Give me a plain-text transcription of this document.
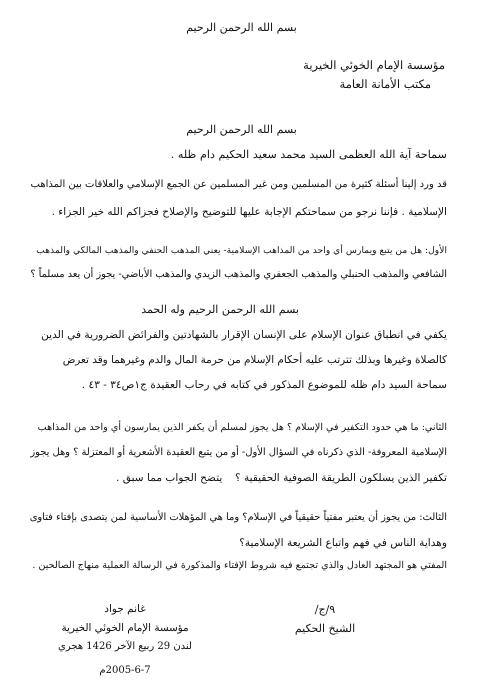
بسم الله الرحمن الرحيم
مؤسسة الإمام الخوئي الخيرية
مكتب الأمانة العامة
بسم الله الرحمن الرحيم
سماحة آية الله العظمى السيد محمد سعيد الحكيم دام ظله .
قد ورد إلينا أسئلة كثيرة من المسلمين ومن غير المسلمين عن الجمع الإسلامي والعلاقات بين المذاهب
الإسلامية . فإننا نرجو من سماحتكم الإجابة عليها للتوضيح والإصلاح فجزاكم الله خير الجزاء .
الأول: هل من يتبع ويمارس أي واحد من المذاهب الإسلامية- يعني المذهب الحنفي والمذهب المالكي والمذهب
الشافعي والمذهب الحنبلي والمذهب الجعفري والمذهب الزيدي والمذهب الأباضي- يجوز أن يعد مسلماً ؟
بسم الله الرحمن الرحيم وله الحمد
يكفي في انطباق عنوان الإسلام على الإنسان الإقرار بالشهادتين والفرائض الضرورية في الدين
كالصلاة وغيرها وبذلك تترتب عليه أحكام الإسلام من حرمة المال والدم وغيرهما وقد تعرض
سماحة السيد دام ظله للموضوع المذكور في كتابه في رحاب العقيدة ج١ص٣٤ - ٤٣ .
الثاني: ما هي حدود التكفير في الإسلام ؟ هل يجوز لمسلم أن يكفر الذين يمارسون أي واحد من المذاهب
الإسلامية المعروفة- الذي ذكرناه في السؤال الأول- أو من يتبع العقيدة الأشعرية أو المعتزلة ؟ وهل يجوز
تكفير الذين يسلكون الطريقة الصوفية الحقيقية ؟
يتضح الجواب مما سبق .
الثالث: من يجوز أن يعتبر مفتياً حقيقياً في الإسلام؟ وما هي المؤهلات الأساسية لمن يتصدى بإفتاء فتاوى
وهداية الناس في فهم واتباع الشريعة الإسلامية؟
المفتي هو المجتهد العادل والذي تجتمع فيه شروط الإفتاء والمذكورة في الرسالة العملية منهاج الصالحين .
٩/ج/
الشيخ الحكيم
غانم جواد
مؤسسة الإمام الخوئي الخيرية
لندن 29 ربيع الآخر 1426 هجري
2005-6-7م
